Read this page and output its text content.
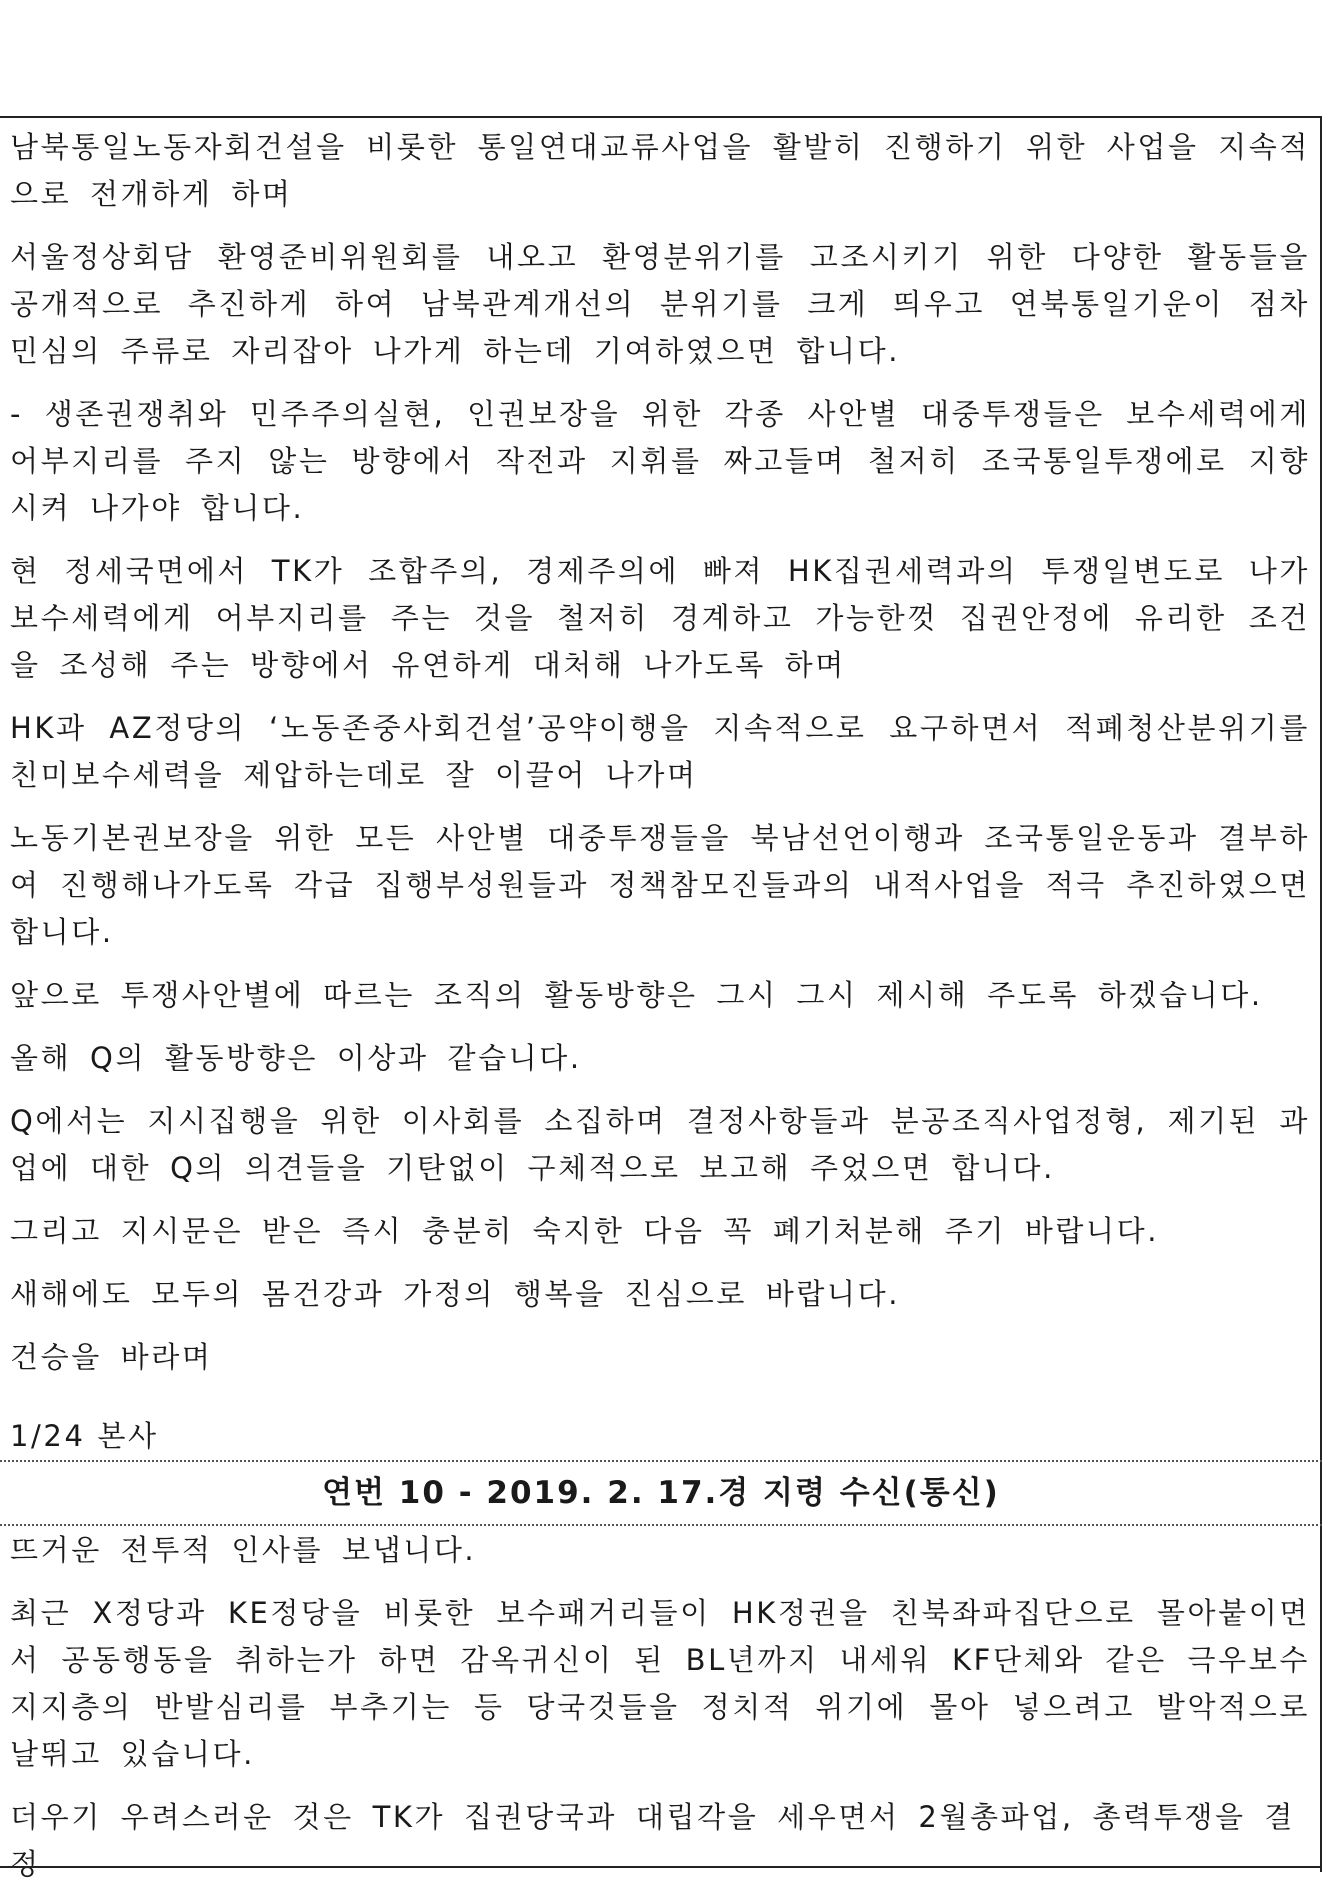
남북통일노동자회건설을 비롯한 통일연대교류사업을 활발히 진행하기 위한 사업을 지속적으로 전개하게 하며

서울정상회담 환영준비위원회를 내오고 환영분위기를 고조시키기 위한 다양한 활동들을 공개적으로 추진하게 하여 남북관계개선의 분위기를 크게 띄우고 연북통일기운이 점차 민심의 주류로 자리잡아 나가게 하는데 기여하였으면 합니다.

- 생존권쟁취와 민주주의실현, 인권보장을 위한 각종 사안별 대중투쟁들은 보수세력에게 어부지리를 주지 않는 방향에서 작전과 지휘를 짜고들며 철저히 조국통일투쟁에로 지향시켜 나가야 합니다.

현 정세국면에서 TK가 조합주의, 경제주의에 빠져 HK집권세력과의 투쟁일변도로 나가 보수세력에게 어부지리를 주는 것을 철저히 경계하고 가능한껏 집권안정에 유리한 조건을 조성해 주는 방향에서 유연하게 대처해 나가도록 하며

HK과 AZ정당의 ‘노동존중사회건설’공약이행을 지속적으로 요구하면서 적폐청산분위기를 친미보수세력을 제압하는데로 잘 이끌어 나가며

노동기본권보장을 위한 모든 사안별 대중투쟁들을 북남선언이행과 조국통일운동과 결부하여 진행해나가도록 각급 집행부성원들과 정책참모진들과의 내적사업을 적극 추진하였으면 합니다.

앞으로 투쟁사안별에 따르는 조직의 활동방향은 그시 그시 제시해 주도록 하겠습니다.

올해 Q의 활동방향은 이상과 같습니다.

Q에서는 지시집행을 위한 이사회를 소집하며 결정사항들과 분공조직사업정형, 제기된 과업에 대한 Q의 의견들을 기탄없이 구체적으로 보고해 주었으면 합니다.

그리고 지시문은 받은 즉시 충분히 숙지한 다음 꼭 폐기처분해 주기 바랍니다.

새해에도 모두의 몸건강과 가정의 행복을 진심으로 바랍니다.

건승을 바라며

1/24 본사

연번 10 - 2019. 2. 17.경 지령 수신(통신)

뜨거운 전투적 인사를 보냅니다.

최근 X정당과 KE정당을 비롯한 보수패거리들이 HK정권을 친북좌파집단으로 몰아붙이면서 공동행동을 취하는가 하면 감옥귀신이 된 BL년까지 내세워 KF단체와 같은 극우보수지지층의 반발심리를 부추기는 등 당국것들을 정치적 위기에 몰아 넣으려고 발악적으로 날뛰고 있습니다.

더우기 우려스러운 것은 TK가 집권당국과 대립각을 세우면서 2월총파업, 총력투쟁을 결정
